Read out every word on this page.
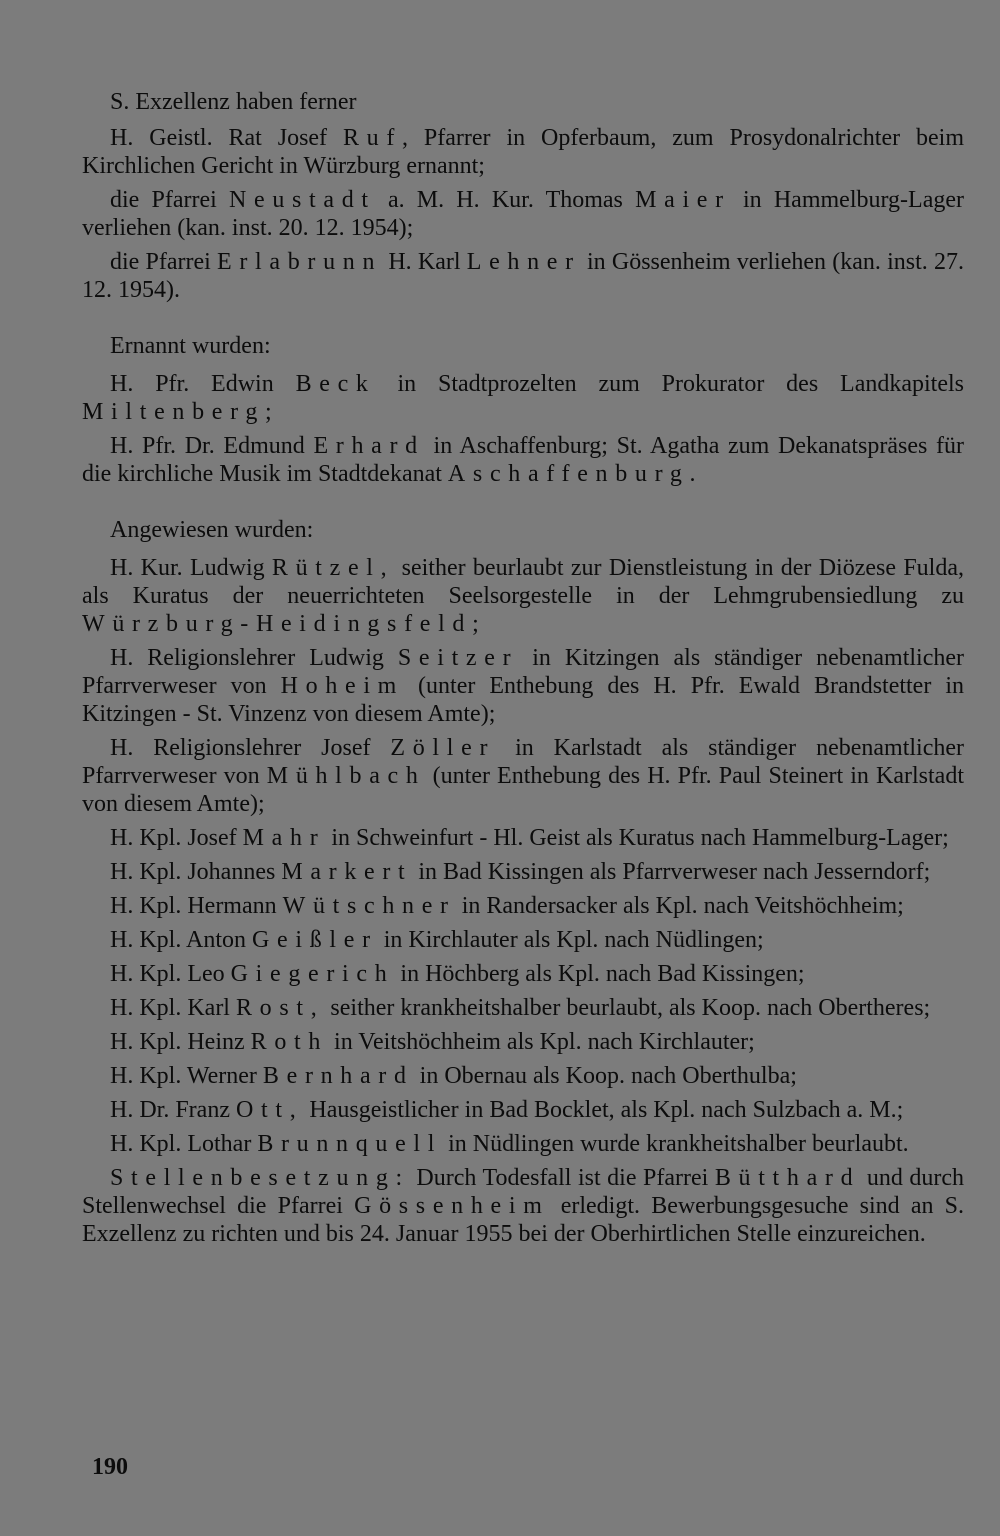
S. Exzellenz haben ferner

H. Geistl. Rat Josef Ruf, Pfarrer in Opferbaum, zum Prosydonalrichter beim Kirchlichen Gericht in Würzburg ernannt;

die Pfarrei Neustadt a. M. H. Kur. Thomas Maier in Hammelburg-Lager verliehen (kan. inst. 20. 12. 1954);

die Pfarrei Erlabrunn H. Karl Lehner in Gössenheim verliehen (kan. inst. 27. 12. 1954).

Ernannt wurden:

H. Pfr. Edwin Beck in Stadtprozelten zum Prokurator des Landkapitels Miltenberg;

H. Pfr. Dr. Edmund Erhard in Aschaffenburg; St. Agatha zum Dekanatspräses für die kirchliche Musik im Stadtdekanat Aschaffenburg.

Angewiesen wurden:

H. Kur. Ludwig Rützel, seither beurlaubt zur Dienstleistung in der Diözese Fulda, als Kuratus der neuerrichteten Seelsorgestelle in der Lehmgrubensiedlung zu Würzburg-Heidingsfeld;

H. Religionslehrer Ludwig Seitzer in Kitzingen als ständiger nebenamtlicher Pfarrverweser von Hoheim (unter Enthebung des H. Pfr. Ewald Brandstetter in Kitzingen - St. Vinzenz von diesem Amte);

H. Religionslehrer Josef Zöller in Karlstadt als ständiger nebenamtlicher Pfarrverweser von Mühlbach (unter Enthebung des H. Pfr. Paul Steinert in Karlstadt von diesem Amte);

H. Kpl. Josef Mahr in Schweinfurt - Hl. Geist als Kuratus nach Hammelburg-Lager;

H. Kpl. Johannes Markert in Bad Kissingen als Pfarrverweser nach Jesserndorf;

H. Kpl. Hermann Wütschner in Randersacker als Kpl. nach Veitshöchheim;

H. Kpl. Anton Geißler in Kirchlauter als Kpl. nach Nüdlingen;

H. Kpl. Leo Giegerich in Höchberg als Kpl. nach Bad Kissingen;

H. Kpl. Karl Rost, seither krankheitshalber beurlaubt, als Koop. nach Obertheres;

H. Kpl. Heinz Roth in Veitshöchheim als Kpl. nach Kirchlauter;

H. Kpl. Werner Bernhard in Obernau als Koop. nach Oberthulba;

H. Dr. Franz Ott, Hausgeistlicher in Bad Bocklet, als Kpl. nach Sulzbach a. M.;

H. Kpl. Lothar Brunnquell in Nüdlingen wurde krankheitshalber beurlaubt.

Stellenbesetzung: Durch Todesfall ist die Pfarrei Bütthard und durch Stellenwechsel die Pfarrei Gössenheim erledigt. Bewerbungsgesuche sind an S. Exzellenz zu richten und bis 24. Januar 1955 bei der Oberhirtlichen Stelle einzureichen.

190
